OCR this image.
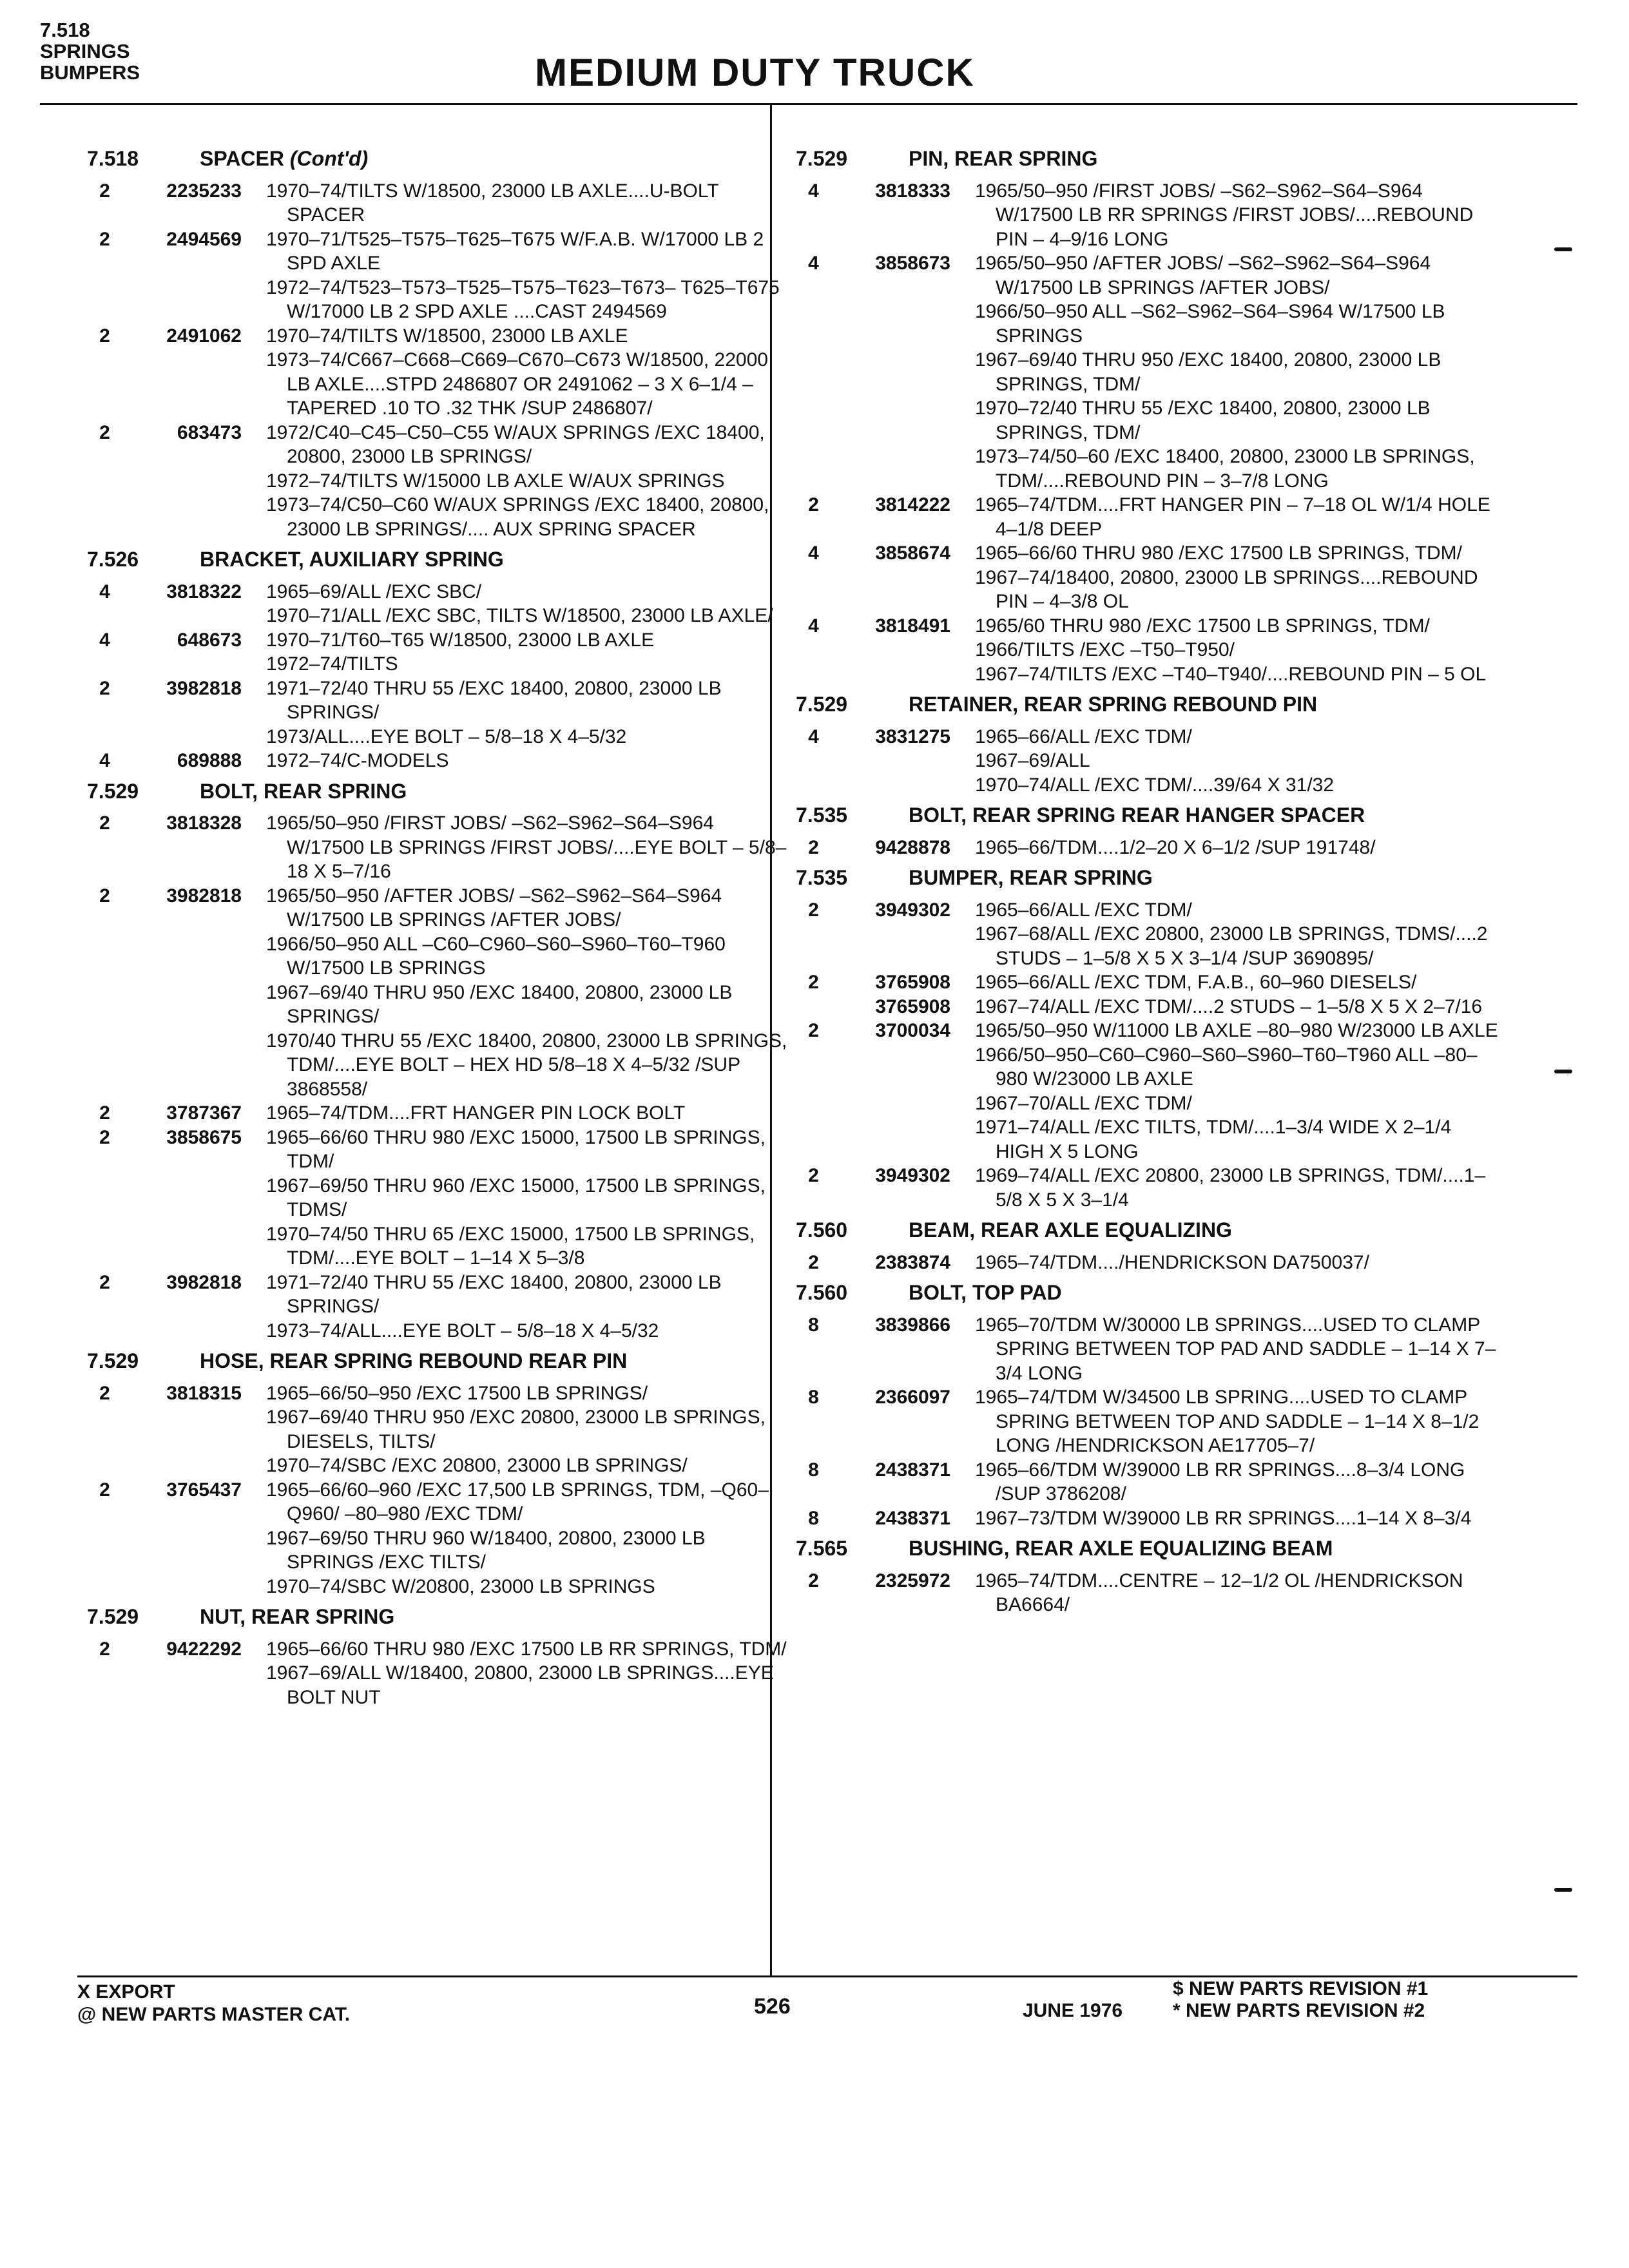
7.518
SPRINGS
BUMPERS	MEDIUM DUTY TRUCK
7.518	SPACER (Cont'd)
2	2235233	1970–74/TILTS W/18500, 23000 LB AXLE....U-BOLT SPACER
2	2494569	1970–71/T525–T575–T625–T675 W/F.A.B. W/17000 LB 2 SPD AXLE
1972–74/T523–T573–T525–T575–T623–T673– T625–T675 W/17000 LB 2 SPD AXLE ....CAST 2494569
2	2491062	1970–74/TILTS W/18500, 23000 LB AXLE
1973–74/C667–C668–C669–C670–C673 W/18500, 22000 LB AXLE....STPD 2486807 OR 2491062 – 3 X 6–1/4 – TAPERED .10 TO .32 THK /SUP 2486807/
2	683473	1972/C40–C45–C50–C55 W/AUX SPRINGS /EXC 18400, 20800, 23000 LB SPRINGS/
1972–74/TILTS W/15000 LB AXLE W/AUX SPRINGS
1973–74/C50–C60 W/AUX SPRINGS /EXC 18400, 20800, 23000 LB SPRINGS/.... AUX SPRING SPACER
7.526	BRACKET, AUXILIARY SPRING
4	3818322	1965–69/ALL /EXC SBC/
1970–71/ALL /EXC SBC, TILTS W/18500, 23000 LB AXLE/
4	648673	1970–71/T60–T65 W/18500, 23000 LB AXLE
1972–74/TILTS
2	3982818	1971–72/40 THRU 55 /EXC 18400, 20800, 23000 LB SPRINGS/
1973/ALL....EYE BOLT – 5/8–18 X 4–5/32
4	689888	1972–74/C-MODELS
7.529	BOLT, REAR SPRING
2	3818328	1965/50–950 /FIRST JOBS/ –S62–S962–S64–S964 W/17500 LB SPRINGS /FIRST JOBS/....EYE BOLT – 5/8–18 X 5–7/16
2	3982818	1965/50–950 /AFTER JOBS/ –S62–S962–S64–S964 W/17500 LB SPRINGS /AFTER JOBS/
1966/50–950 ALL –C60–C960–S60–S960–T60–T960 W/17500 LB SPRINGS
1967–69/40 THRU 950 /EXC 18400, 20800, 23000 LB SPRINGS/
1970/40 THRU 55 /EXC 18400, 20800, 23000 LB SPRINGS, TDM/....EYE BOLT – HEX HD 5/8–18 X 4–5/32 /SUP 3868558/
2	3787367	1965–74/TDM....FRT HANGER PIN LOCK BOLT
2	3858675	1965–66/60 THRU 980 /EXC 15000, 17500 LB SPRINGS, TDM/
1967–69/50 THRU 960 /EXC 15000, 17500 LB SPRINGS, TDMS/
1970–74/50 THRU 65 /EXC 15000, 17500 LB SPRINGS, TDM/....EYE BOLT – 1–14 X 5–3/8
2	3982818	1971–72/40 THRU 55 /EXC 18400, 20800, 23000 LB SPRINGS/
1973–74/ALL....EYE BOLT – 5/8–18 X 4–5/32
7.529	HOSE, REAR SPRING REBOUND REAR PIN
2	3818315	1965–66/50–950 /EXC 17500 LB SPRINGS/
1967–69/40 THRU 950 /EXC 20800, 23000 LB SPRINGS, DIESELS, TILTS/
1970–74/SBC /EXC 20800, 23000 LB SPRINGS/
2	3765437	1965–66/60–960 /EXC 17,500 LB SPRINGS, TDM, –Q60–Q960/ –80–980 /EXC TDM/
1967–69/50 THRU 960 W/18400, 20800, 23000 LB SPRINGS /EXC TILTS/
1970–74/SBC W/20800, 23000 LB SPRINGS
7.529	NUT, REAR SPRING
2	9422292	1965–66/60 THRU 980 /EXC 17500 LB RR SPRINGS, TDM/
1967–69/ALL W/18400, 20800, 23000 LB SPRINGS....EYE BOLT NUT
7.529	PIN, REAR SPRING
4	3818333	1965/50–950 /FIRST JOBS/ –S62–S962–S64–S964 W/17500 LB RR SPRINGS /FIRST JOBS/....REBOUND PIN – 4–9/16 LONG
4	3858673	1965/50–950 /AFTER JOBS/ –S62–S962–S64–S964 W/17500 LB SPRINGS /AFTER JOBS/
1966/50–950 ALL –S62–S962–S64–S964 W/17500 LB SPRINGS
1967–69/40 THRU 950 /EXC 18400, 20800, 23000 LB SPRINGS, TDM/
1970–72/40 THRU 55 /EXC 18400, 20800, 23000 LB SPRINGS, TDM/
1973–74/50–60 /EXC 18400, 20800, 23000 LB SPRINGS, TDM/....REBOUND PIN – 3–7/8 LONG
2	3814222	1965–74/TDM....FRT HANGER PIN – 7–18 OL W/1/4 HOLE 4–1/8 DEEP
4	3858674	1965–66/60 THRU 980 /EXC 17500 LB SPRINGS, TDM/
1967–74/18400, 20800, 23000 LB SPRINGS....REBOUND PIN – 4–3/8 OL
4	3818491	1965/60 THRU 980 /EXC 17500 LB SPRINGS, TDM/
1966/TILTS /EXC –T50–T950/
1967–74/TILTS /EXC –T40–T940/....REBOUND PIN – 5 OL
7.529	RETAINER, REAR SPRING REBOUND PIN
4	3831275	1965–66/ALL /EXC TDM/
1967–69/ALL
1970–74/ALL /EXC TDM/....39/64 X 31/32
7.535	BOLT, REAR SPRING REAR HANGER SPACER
2	9428878	1965–66/TDM....1/2–20 X 6–1/2 /SUP 191748/
7.535	BUMPER, REAR SPRING
2	3949302	1965–66/ALL /EXC TDM/
1967–68/ALL /EXC 20800, 23000 LB SPRINGS, TDMS/....2 STUDS – 1–5/8 X 5 X 3–1/4 /SUP 3690895/
2	3765908	1965–66/ALL /EXC TDM, F.A.B., 60–960 DIESELS/
3765908	1967–74/ALL /EXC TDM/....2 STUDS – 1–5/8 X 5 X 2–7/16
2	3700034	1965/50–950 W/11000 LB AXLE –80–980 W/23000 LB AXLE
1966/50–950–C60–C960–S60–S960–T60–T960 ALL –80–980 W/23000 LB AXLE
1967–70/ALL /EXC TDM/
1971–74/ALL /EXC TILTS, TDM/....1–3/4 WIDE X 2–1/4 HIGH X 5 LONG
2	3949302	1969–74/ALL /EXC 20800, 23000 LB SPRINGS, TDM/....1–5/8 X 5 X 3–1/4
7.560	BEAM, REAR AXLE EQUALIZING
2	2383874	1965–74/TDM..../HENDRICKSON DA750037/
7.560	BOLT, TOP PAD
8	3839866	1965–70/TDM W/30000 LB SPRINGS....USED TO CLAMP SPRING BETWEEN TOP PAD AND SADDLE – 1–14 X 7–3/4 LONG
8	2366097	1965–74/TDM W/34500 LB SPRING....USED TO CLAMP SPRING BETWEEN TOP AND SADDLE – 1–14 X 8–1/2 LONG /HENDRICKSON AE17705–7/
8	2438371	1965–66/TDM W/39000 LB RR SPRINGS....8–3/4 LONG /SUP 3786208/
8	2438371	1967–73/TDM W/39000 LB RR SPRINGS....1–14 X 8–3/4
7.565	BUSHING, REAR AXLE EQUALIZING BEAM
2	2325972	1965–74/TDM....CENTRE – 12–1/2 OL /HENDRICKSON BA6664/
X EXPORT
@ NEW PARTS MASTER CAT.	526	JUNE 1976
$ NEW PARTS REVISION #1
* NEW PARTS REVISION #2
